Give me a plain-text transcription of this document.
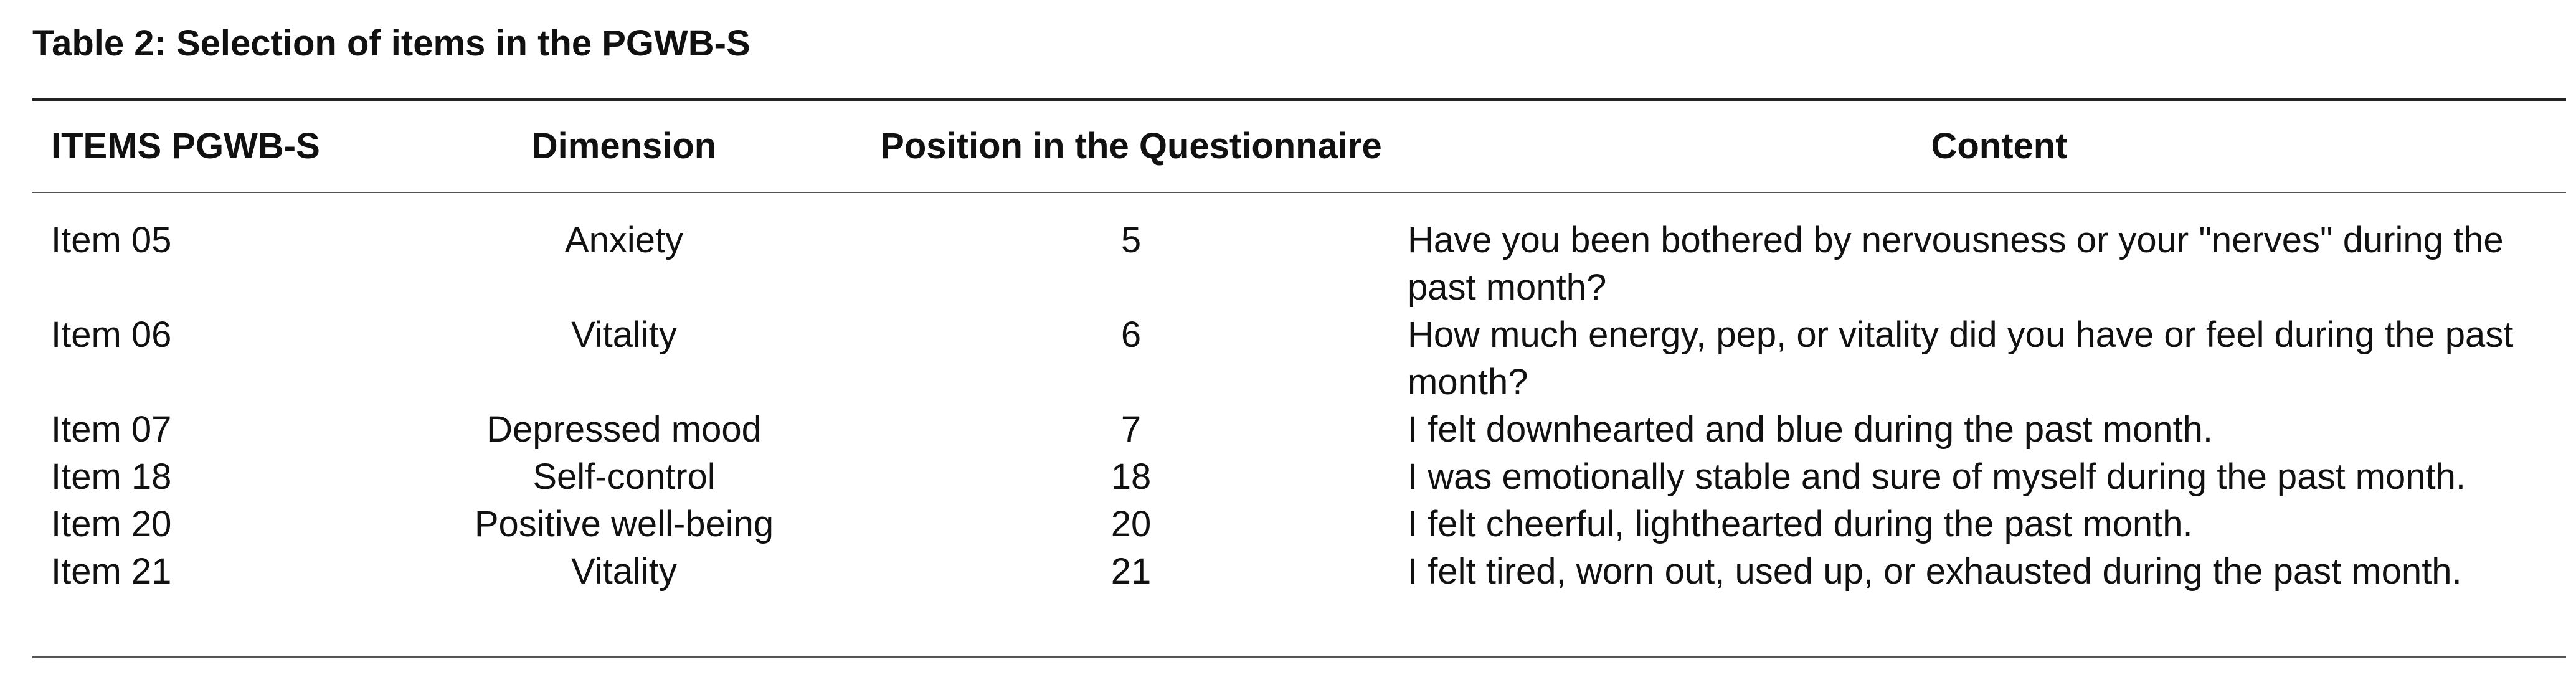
Table 2: Selection of items in the PGWB-S
ITEMS PGWB-S	Dimension	Position in the Questionnaire	Content
Item 05	Anxiety	5	Have you been bothered by nervousness or your "nerves" during the past month?
Item 06	Vitality	6	How much energy, pep, or vitality did you have or feel during the past month?
Item 07	Depressed mood	7	I felt downhearted and blue during the past month.
Item 18	Self-control	18	I was emotionally stable and sure of myself during the past month.
Item 20	Positive well-being	20	I felt cheerful, lighthearted during the past month.
Item 21	Vitality	21	I felt tired, worn out, used up, or exhausted during the past month.
